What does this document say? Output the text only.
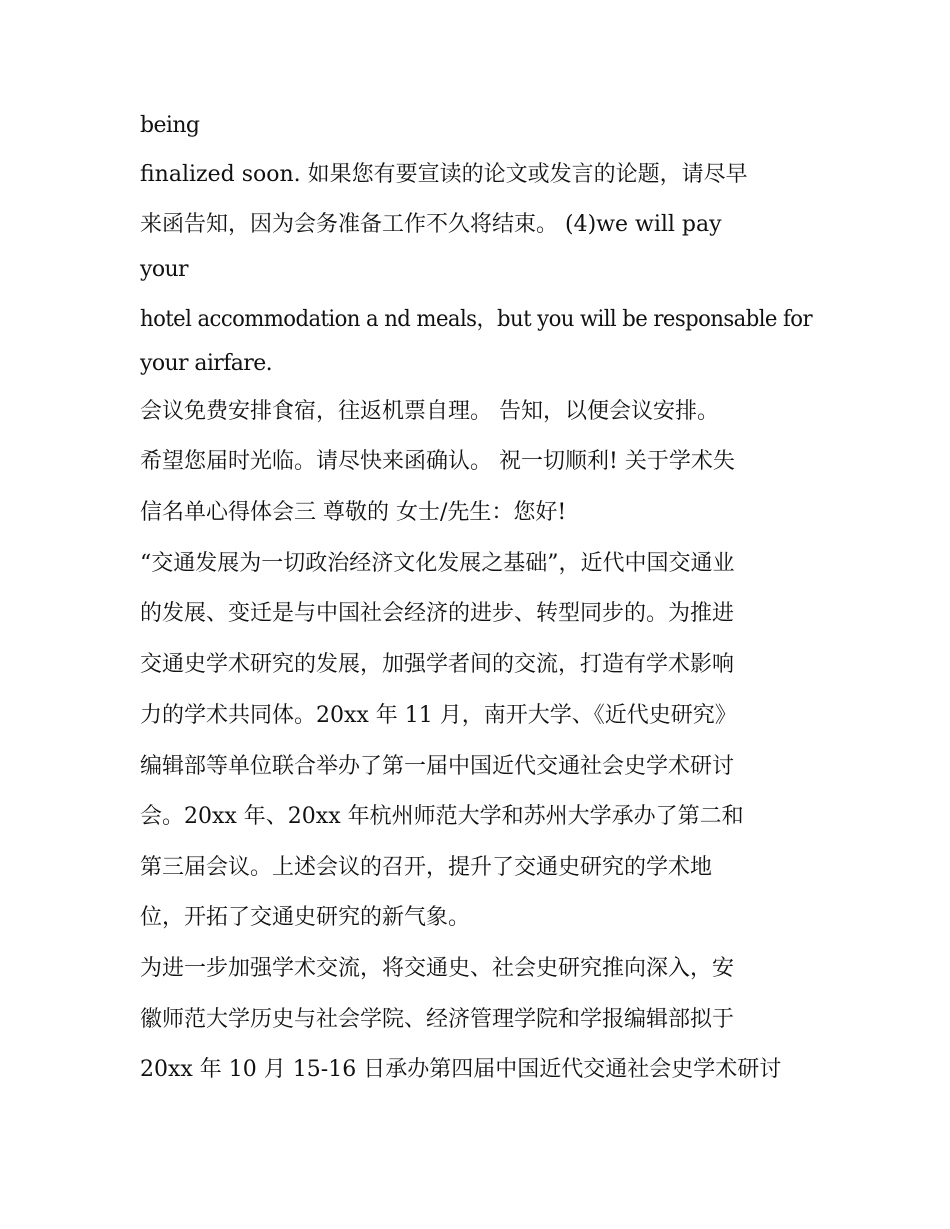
being

finalized soon. 如果您有要宣读的论文或发言的论题，请尽早

来函告知，因为会务准备工作不久将结束。 (4)we will pay

your

hotel accommodation a nd meals，but you will be responsable for

your airfare.

会议免费安排食宿，往返机票自理。 告知，以便会议安排。

希望您届时光临。请尽快来函确认。 祝一切顺利! 关于学术失

信名单心得体会三 尊敬的 女士/先生：您好!

“交通发展为一切政治经济文化发展之基础”，近代中国交通业

的发展、变迁是与中国社会经济的进步、转型同步的。为推进

交通史学术研究的发展，加强学者间的交流，打造有学术影响

力的学术共同体。20xx 年 11 月，南开大学、《近代史研究》

编辑部等单位联合举办了第一届中国近代交通社会史学术研讨

会。20xx 年、20xx 年杭州师范大学和苏州大学承办了第二和

第三届会议。上述会议的召开，提升了交通史研究的学术地

位，开拓了交通史研究的新气象。

为进一步加强学术交流，将交通史、社会史研究推向深入，安

徽师范大学历史与社会学院、经济管理学院和学报编辑部拟于

20xx 年 10 月 15-16 日承办第四届中国近代交通社会史学术研讨
